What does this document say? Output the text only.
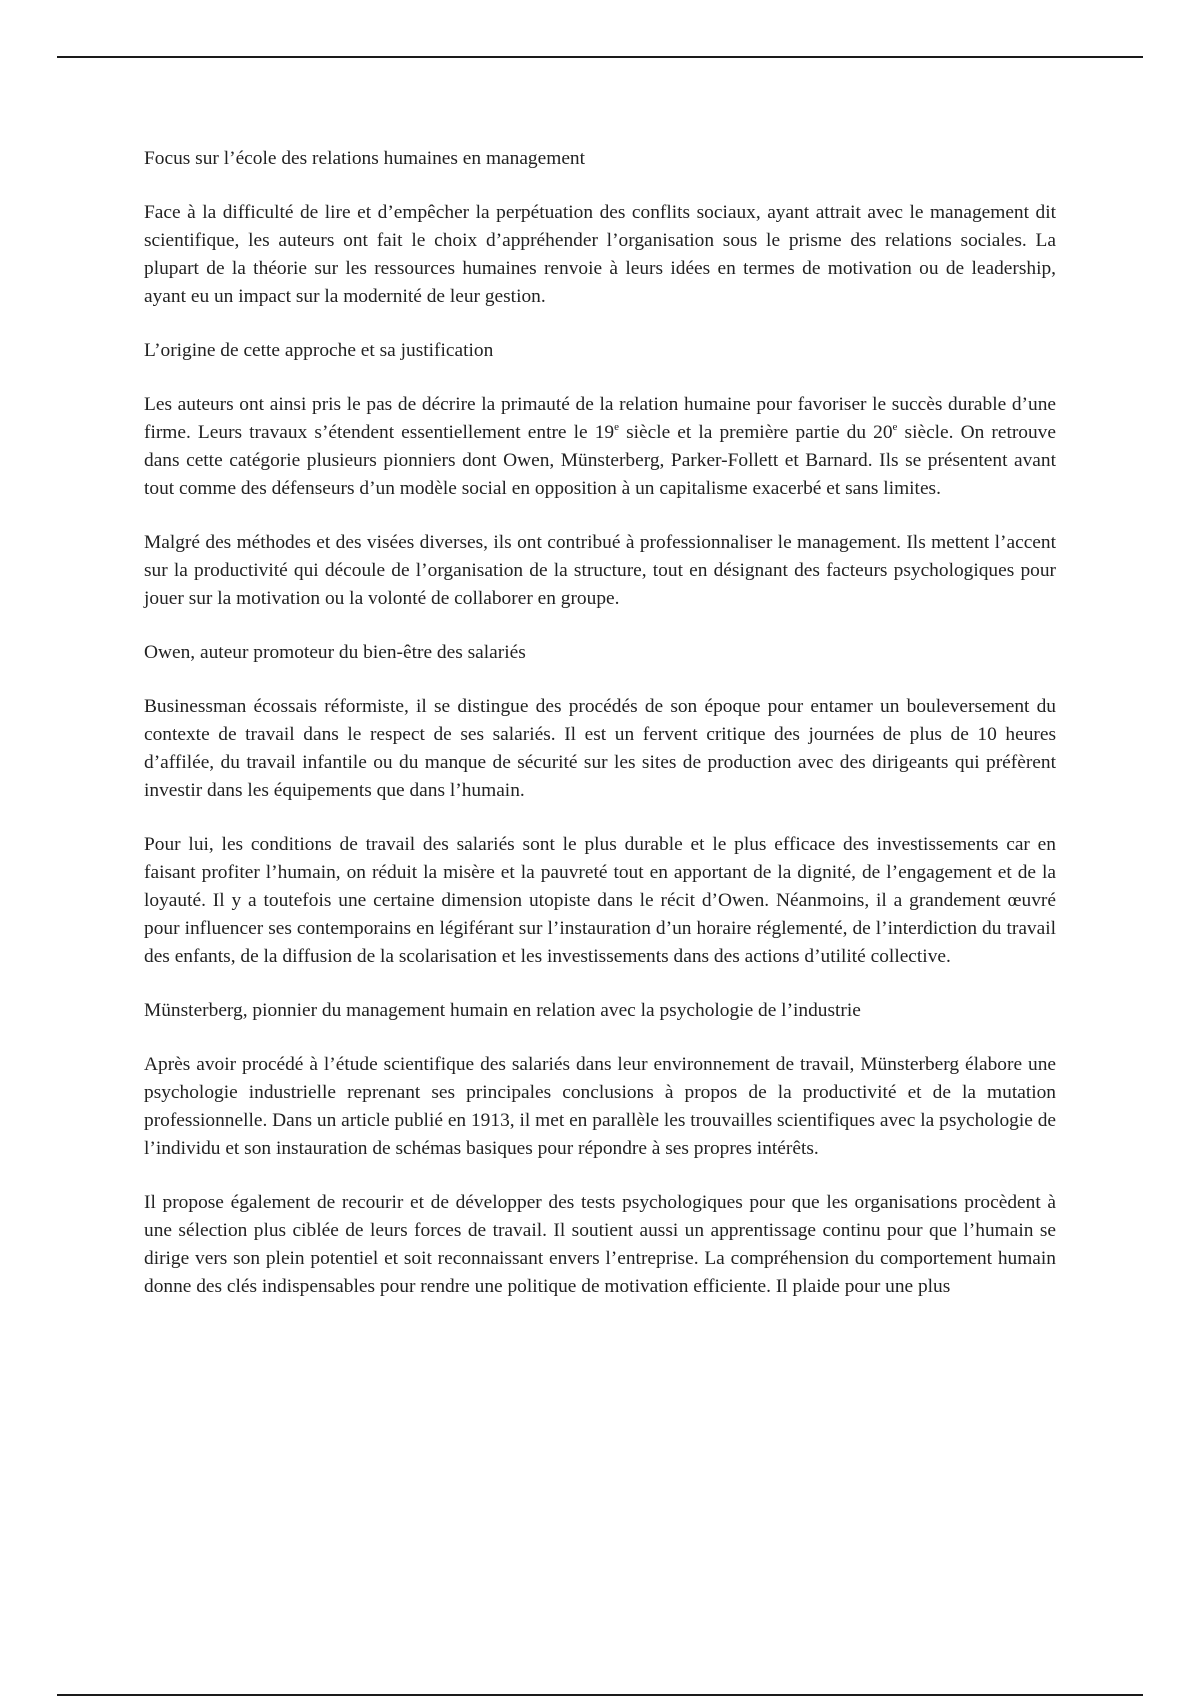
Focus sur l’école des relations humaines en management

Face à la difficulté de lire et d’empêcher la perpétuation des conflits sociaux, ayant attrait avec le management dit scientifique, les auteurs ont fait le choix d’appréhender l’organisation sous le prisme des relations sociales. La plupart de la théorie sur les ressources humaines renvoie à leurs idées en termes de motivation ou de leadership, ayant eu un impact sur la modernité de leur gestion.

L’origine de cette approche et sa justification

Les auteurs ont ainsi pris le pas de décrire la primauté de la relation humaine pour favoriser le succès durable d’une firme. Leurs travaux s’étendent essentiellement entre le 19e siècle et la première partie du 20e siècle. On retrouve dans cette catégorie plusieurs pionniers dont Owen, Münsterberg, Parker-Follett et Barnard. Ils se présentent avant tout comme des défenseurs d’un modèle social en opposition à un capitalisme exacerbé et sans limites.

Malgré des méthodes et des visées diverses, ils ont contribué à professionnaliser le management. Ils mettent l’accent sur la productivité qui découle de l’organisation de la structure, tout en désignant des facteurs psychologiques pour jouer sur la motivation ou la volonté de collaborer en groupe.

Owen, auteur promoteur du bien-être des salariés

Businessman écossais réformiste, il se distingue des procédés de son époque pour entamer un bouleversement du contexte de travail dans le respect de ses salariés. Il est un fervent critique des journées de plus de 10 heures d’affilée, du travail infantile ou du manque de sécurité sur les sites de production avec des dirigeants qui préfèrent investir dans les équipements que dans l’humain.

Pour lui, les conditions de travail des salariés sont le plus durable et le plus efficace des investissements car en faisant profiter l’humain, on réduit la misère et la pauvreté tout en apportant de la dignité, de l’engagement et de la loyauté. Il y a toutefois une certaine dimension utopiste dans le récit d’Owen. Néanmoins, il a grandement œuvré pour influencer ses contemporains en légiférant sur l’instauration d’un horaire réglementé, de l’interdiction du travail des enfants, de la diffusion de la scolarisation et les investissements dans des actions d’utilité collective.

Münsterberg, pionnier du management humain en relation avec la psychologie de l’industrie

Après avoir procédé à l’étude scientifique des salariés dans leur environnement de travail, Münsterberg élabore une psychologie industrielle reprenant ses principales conclusions à propos de la productivité et de la mutation professionnelle. Dans un article publié en 1913, il met en parallèle les trouvailles scientifiques avec la psychologie de l’individu et son instauration de schémas basiques pour répondre à ses propres intérêts.

Il propose également de recourir et de développer des tests psychologiques pour que les organisations procèdent à une sélection plus ciblée de leurs forces de travail. Il soutient aussi un apprentissage continu pour que l’humain se dirige vers son plein potentiel et soit reconnaissant envers l’entreprise. La compréhension du comportement humain donne des clés indispensables pour rendre une politique de motivation efficiente. Il plaide pour une plus
